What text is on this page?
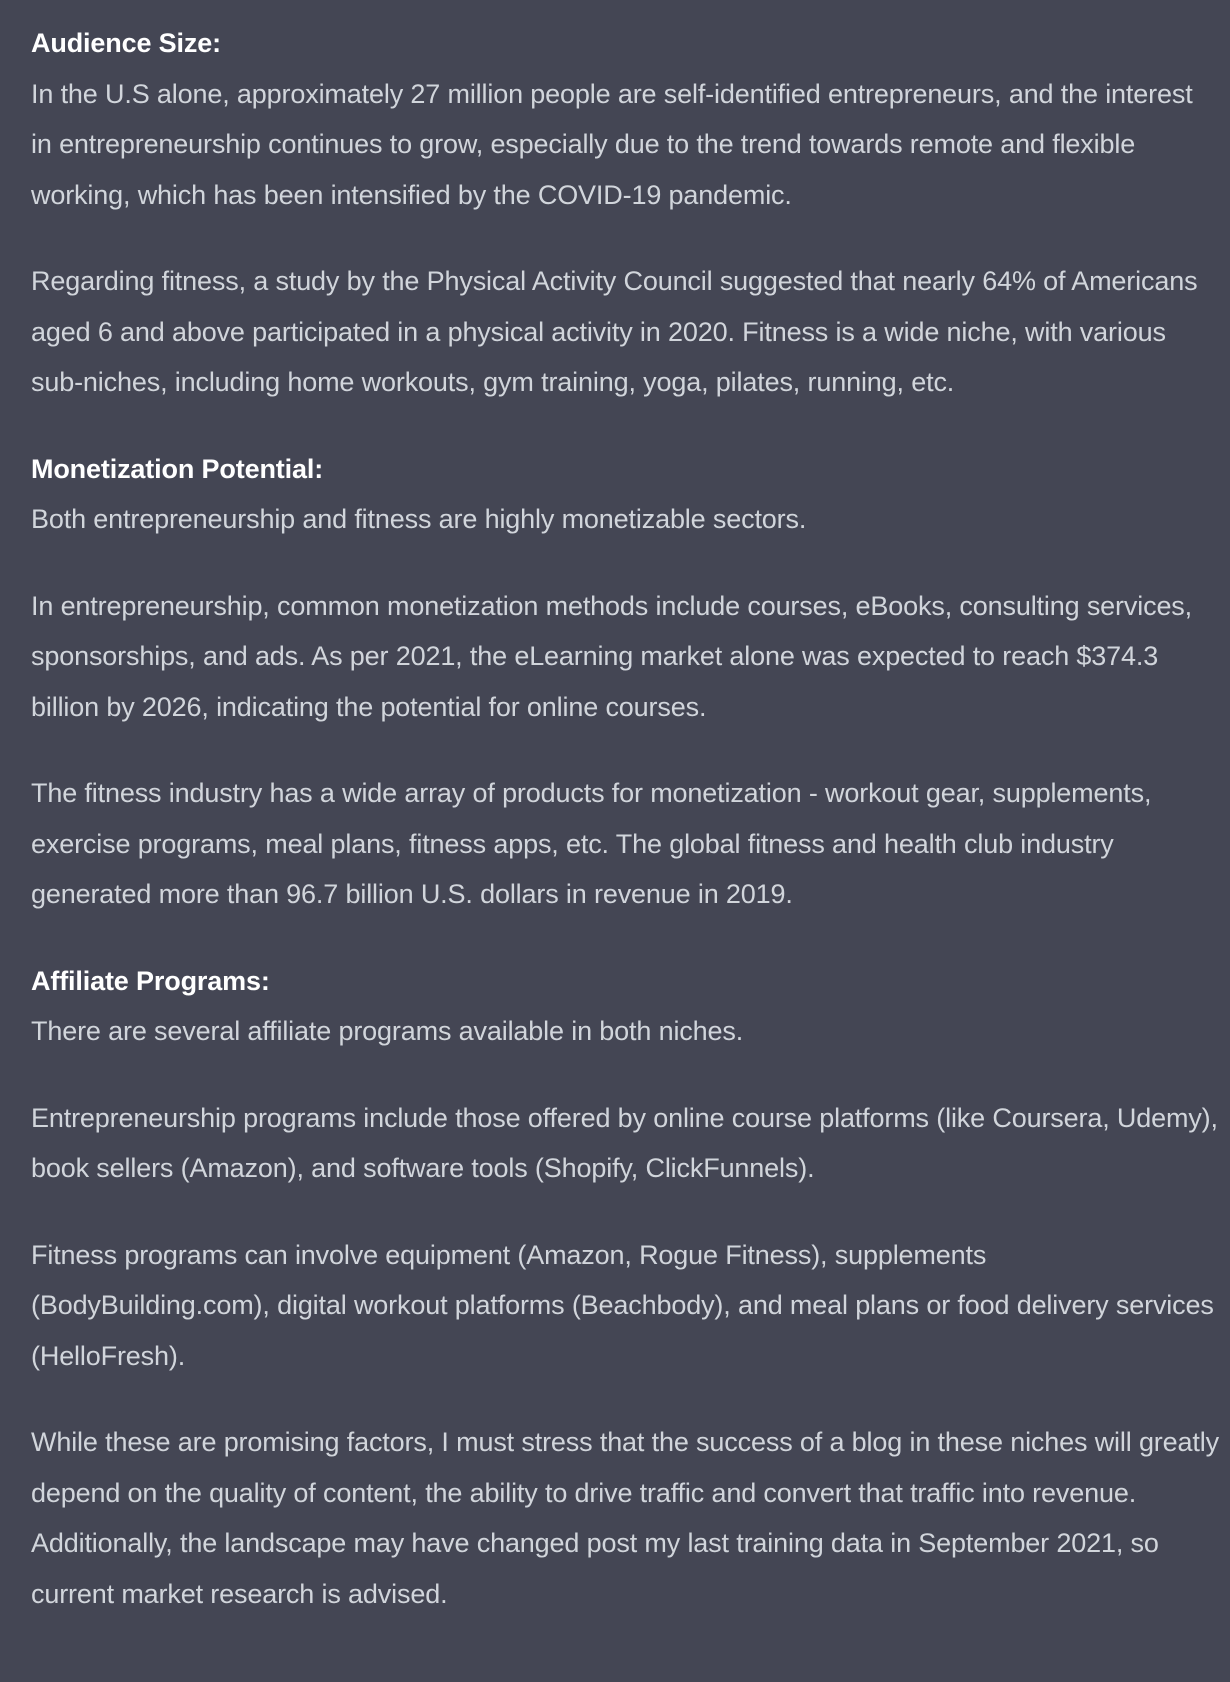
Audience Size:
In the U.S alone, approximately 27 million people are self-identified entrepreneurs, and the interest in entrepreneurship continues to grow, especially due to the trend towards remote and flexible working, which has been intensified by the COVID-19 pandemic.

Regarding fitness, a study by the Physical Activity Council suggested that nearly 64% of Americans aged 6 and above participated in a physical activity in 2020. Fitness is a wide niche, with various sub-niches, including home workouts, gym training, yoga, pilates, running, etc.

Monetization Potential:
Both entrepreneurship and fitness are highly monetizable sectors.

In entrepreneurship, common monetization methods include courses, eBooks, consulting services, sponsorships, and ads. As per 2021, the eLearning market alone was expected to reach $374.3 billion by 2026, indicating the potential for online courses.

The fitness industry has a wide array of products for monetization - workout gear, supplements, exercise programs, meal plans, fitness apps, etc. The global fitness and health club industry generated more than 96.7 billion U.S. dollars in revenue in 2019.

Affiliate Programs:
There are several affiliate programs available in both niches.

Entrepreneurship programs include those offered by online course platforms (like Coursera, Udemy), book sellers (Amazon), and software tools (Shopify, ClickFunnels).

Fitness programs can involve equipment (Amazon, Rogue Fitness), supplements (BodyBuilding.com), digital workout platforms (Beachbody), and meal plans or food delivery services (HelloFresh).

While these are promising factors, I must stress that the success of a blog in these niches will greatly depend on the quality of content, the ability to drive traffic and convert that traffic into revenue. Additionally, the landscape may have changed post my last training data in September 2021, so current market research is advised.
